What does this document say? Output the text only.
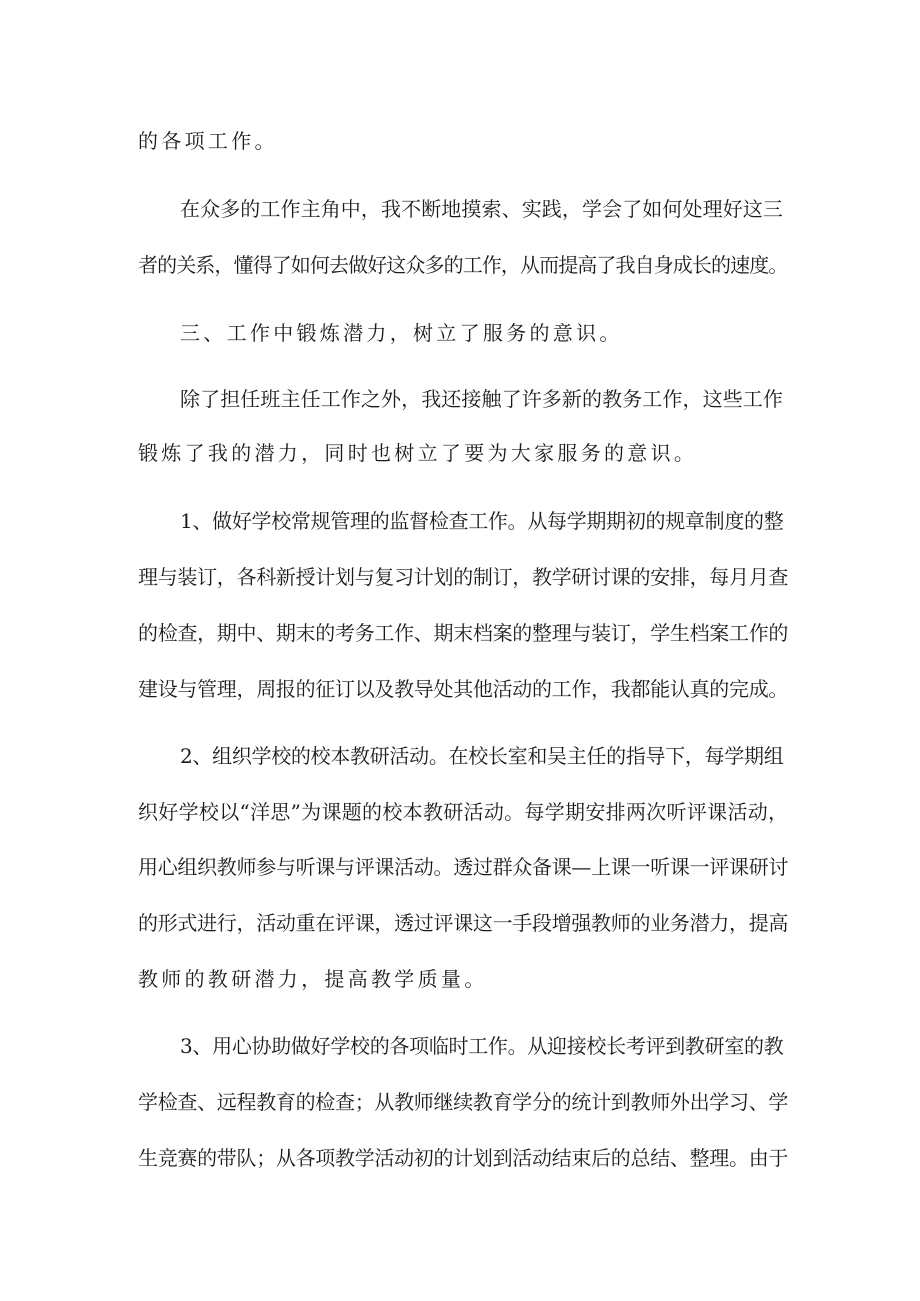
的各项工作。
在众多的工作主角中，我不断地摸索、实践，学会了如何处理好这三
者的关系，懂得了如何去做好这众多的工作，从而提高了我自身成长的速度。
三、工作中锻炼潜力，树立了服务的意识。
除了担任班主任工作之外，我还接触了许多新的教务工作，这些工作
锻炼了我的潜力，同时也树立了要为大家服务的意识。
1、做好学校常规管理的监督检查工作。从每学期期初的规章制度的整
理与装订，各科新授计划与复习计划的制订，教学研讨课的安排，每月月查
的检查，期中、期末的考务工作、期末档案的整理与装订，学生档案工作的
建设与管理，周报的征订以及教导处其他活动的工作，我都能认真的完成。
2、组织学校的校本教研活动。在校长室和吴主任的指导下，每学期组
织好学校以“洋思”为课题的校本教研活动。每学期安排两次听评课活动，
用心组织教师参与听课与评课活动。透过群众备课—上课一听课一评课研讨
的形式进行，活动重在评课，透过评课这一手段增强教师的业务潜力，提高
教师的教研潜力，提高教学质量。
3、用心协助做好学校的各项临时工作。从迎接校长考评到教研室的教
学检查、远程教育的检查；从教师继续教育学分的统计到教师外出学习、学
生竞赛的带队；从各项教学活动初的计划到活动结束后的总结、整理。由于
